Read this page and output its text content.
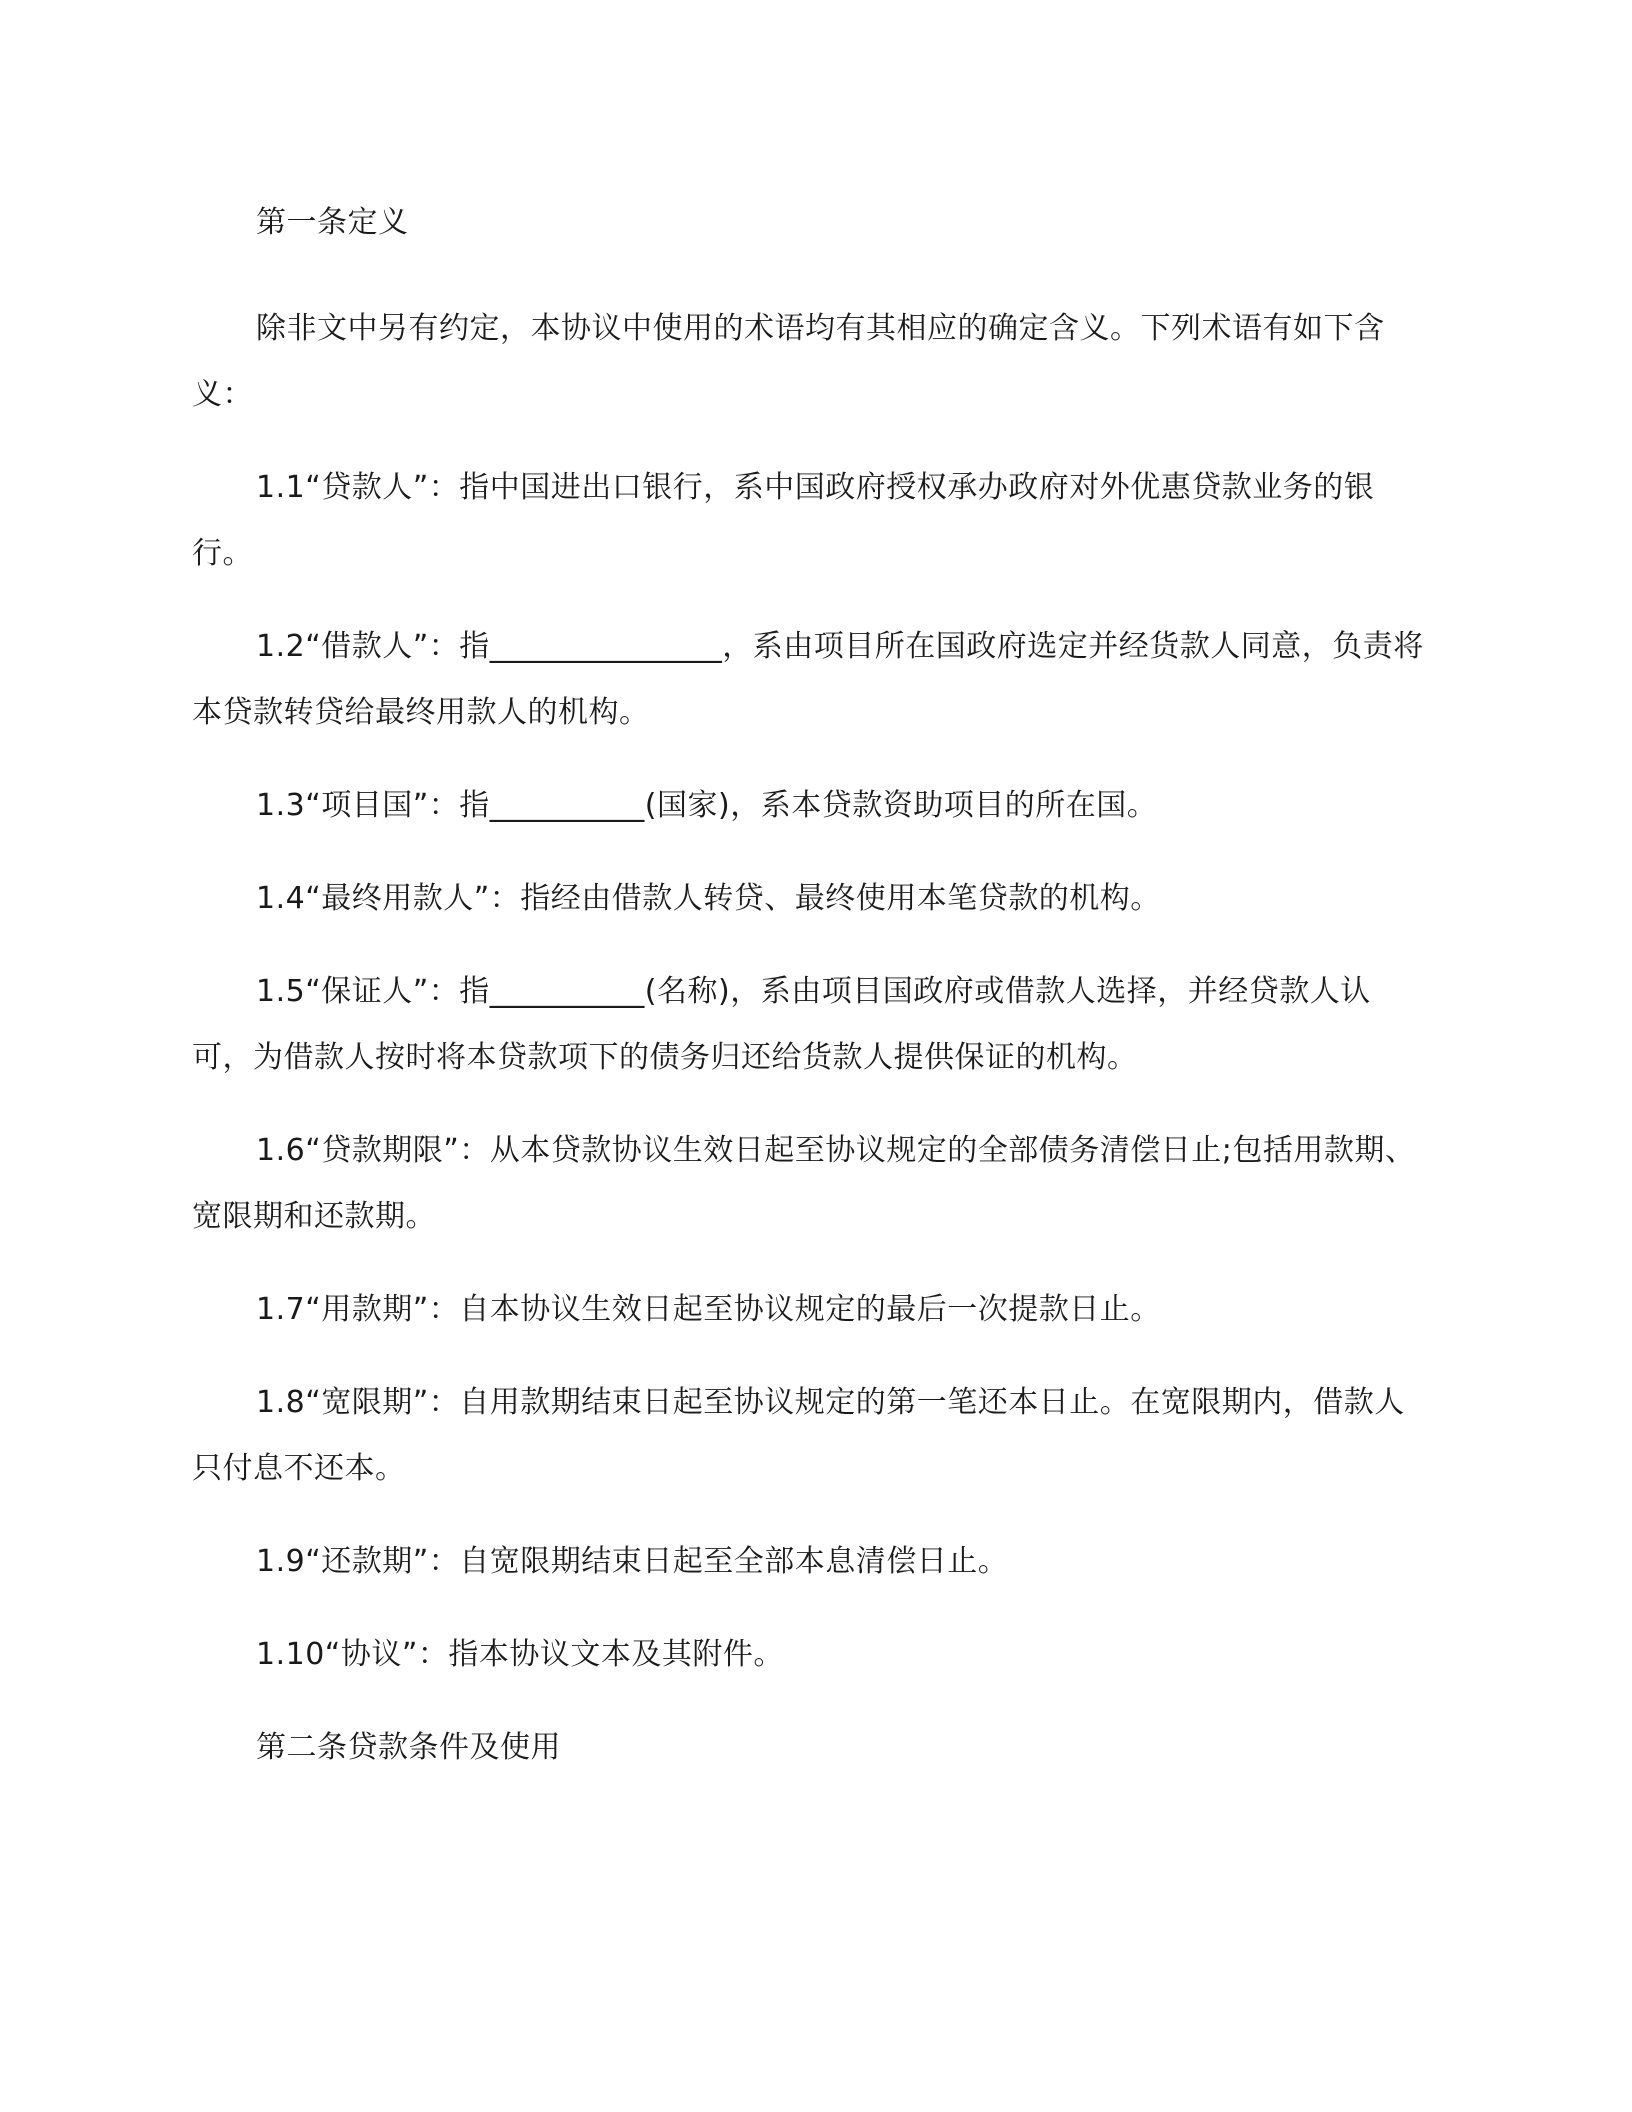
第一条定义

除非文中另有约定，本协议中使用的术语均有其相应的确定含义。下列术语有如下含义：

1.1“贷款人”：指中国进出口银行，系中国政府授权承办政府对外优惠贷款业务的银行。

1.2“借款人”：指_______________，系由项目所在国政府选定并经货款人同意，负责将本贷款转贷给最终用款人的机构。

1.3“项目国”：指__________(国家)，系本贷款资助项目的所在国。

1.4“最终用款人”：指经由借款人转贷、最终使用本笔贷款的机构。

1.5“保证人”：指__________(名称)，系由项目国政府或借款人选择，并经贷款人认可，为借款人按时将本贷款项下的债务归还给货款人提供保证的机构。

1.6“贷款期限”：从本贷款协议生效日起至协议规定的全部债务清偿日止;包括用款期、宽限期和还款期。

1.7“用款期”：自本协议生效日起至协议规定的最后一次提款日止。

1.8“宽限期”：自用款期结束日起至协议规定的第一笔还本日止。在宽限期内，借款人只付息不还本。

1.9“还款期”：自宽限期结束日起至全部本息清偿日止。

1.10“协议”：指本协议文本及其附件。

第二条贷款条件及使用
